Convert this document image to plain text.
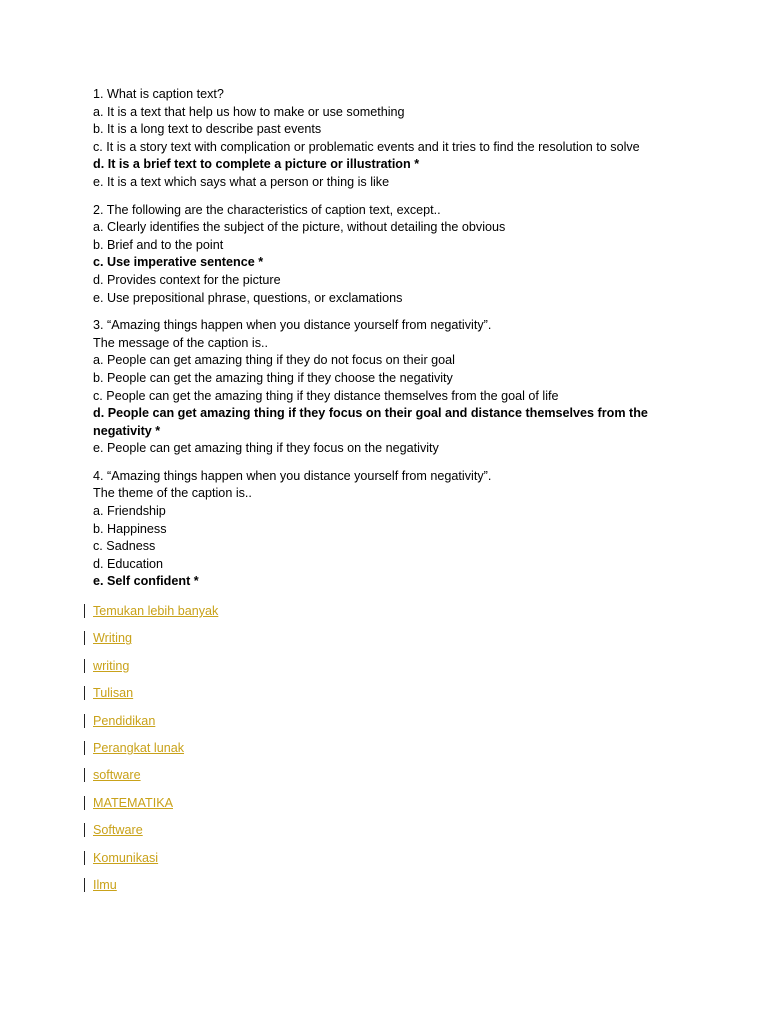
1. What is caption text?
a. It is a text that help us how to make or use something
b. It is a long text to describe past events
c. It is a story text with complication or problematic events and it tries to find the resolution to solve
d. It is a brief text to complete a picture or illustration *
e. It is a text which says what a person or thing is like
2. The following are the characteristics of caption text, except..
a. Clearly identifies the subject of the picture, without detailing the obvious
b. Brief and to the point
c. Use imperative sentence *
d. Provides context for the picture
e. Use prepositional phrase, questions, or exclamations
3. “Amazing things happen when you distance yourself from negativity”.
The message of the caption is..
a. People can get amazing thing if they do not focus on their goal
b. People can get the amazing thing if they choose the negativity
c. People can get the amazing thing if they distance themselves from the goal of life
d. People can get amazing thing if they focus on their goal and distance themselves from the negativity *
e. People can get amazing thing if they focus on the negativity
4. “Amazing things happen when you distance yourself from negativity”.
The theme of the caption is..
a. Friendship
b. Happiness
c. Sadness
d. Education
e. Self confident *
Temukan lebih banyak
Writing
writing
Tulisan
Pendidikan
Perangkat lunak
software
MATEMATIKA
Software
Komunikasi
Ilmu
